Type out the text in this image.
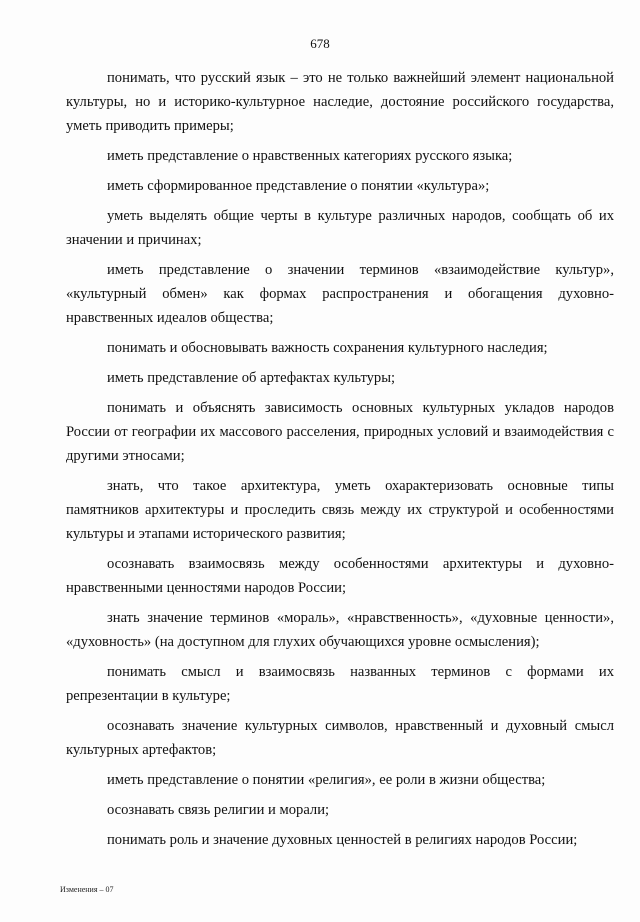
678

понимать, что русский язык – это не только важнейший элемент национальной культуры, но и историко-культурное наследие, достояние российского государства, уметь приводить примеры;

иметь представление о нравственных категориях русского языка;

иметь сформированное представление о понятии «культура»;

уметь выделять общие черты в культуре различных народов, сообщать об их значении и причинах;

иметь представление о значении терминов «взаимодействие культур», «культурный обмен» как формах распространения и обогащения духовно-нравственных идеалов общества;

понимать и обосновывать важность сохранения культурного наследия;

иметь представление об артефактах культуры;

понимать и объяснять зависимость основных культурных укладов народов России от географии их массового расселения, природных условий и взаимодействия с другими этносами;

знать, что такое архитектура, уметь охарактеризовать основные типы памятников архитектуры и проследить связь между их структурой и особенностями культуры и этапами исторического развития;

осознавать взаимосвязь между особенностями архитектуры и духовно-нравственными ценностями народов России;

знать значение терминов «мораль», «нравственность», «духовные ценности», «духовность» (на доступном для глухих обучающихся уровне осмысления);

понимать смысл и взаимосвязь названных терминов с формами их репрезентации в культуре;

осознавать значение культурных символов, нравственный и духовный смысл культурных артефактов;

иметь представление о понятии «религия», ее роли в жизни общества;

осознавать связь религии и морали;

понимать роль и значение духовных ценностей в религиях народов России;

Изменения – 07
